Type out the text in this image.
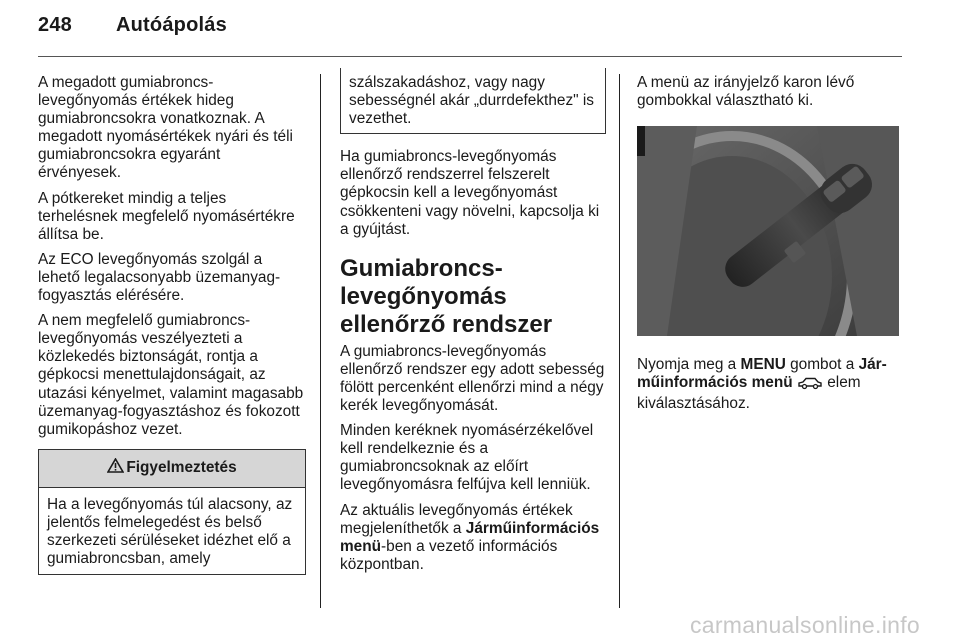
248 Autóápolás

A megadott gumiabroncs-levegőnyomás értékek hideg gumiabroncsokra vonatkoznak. A megadott nyomásértékek nyári és téli gumiabroncsokra egyaránt érvényesek.

A pótkereket mindig a teljes terhelésnek megfelelő nyomásértékre állítsa be.

Az ECO levegőnyomás szolgál a lehető legalacsonyabb üzemanyag-fogyasztás elérésére.

A nem megfelelő gumiabroncs-levegőnyomás veszélyezteti a közlekedés biztonságát, rontja a gépkocsi menettulajdonságait, az utazási kényelmet, valamint magasabb üzemanyag-fogyasztáshoz és fokozott gumikopáshoz vezet.

Figyelmeztetés
Ha a levegőnyomás túl alacsony, az jelentős felmelegedést és belső szerkezeti sérüléseket idézhet elő a gumiabroncsban, amely
szálszakadáshoz, vagy nagy sebességnél akár „durrdefekthez" is vezethet.

Ha gumiabroncs-levegőnyomás ellenőrző rendszerrel felszerelt gépkocsin kell a levegőnyomást csökkenteni vagy növelni, kapcsolja ki a gyújtást.

Gumiabroncs-levegőnyomás ellenőrző rendszer

A gumiabroncs-levegőnyomás ellenőrző rendszer egy adott sebesség fölött percenként ellenőrzi mind a négy kerék levegőnyomását.

Minden keréknek nyomásérzékelővel kell rendelkeznie és a gumiabroncsoknak az előírt levegőnyomásra felfújva kell lenniük.

Az aktuális levegőnyomás értékek megjeleníthetők a Járműinformációs menü-ben a vezető információs központban.

A menü az irányjelző karon lévő gombokkal választható ki.

Nyomja meg a MENU gombot a Jár-műinformációs menü  elem kiválasztásához.

carmanualsonline.info
